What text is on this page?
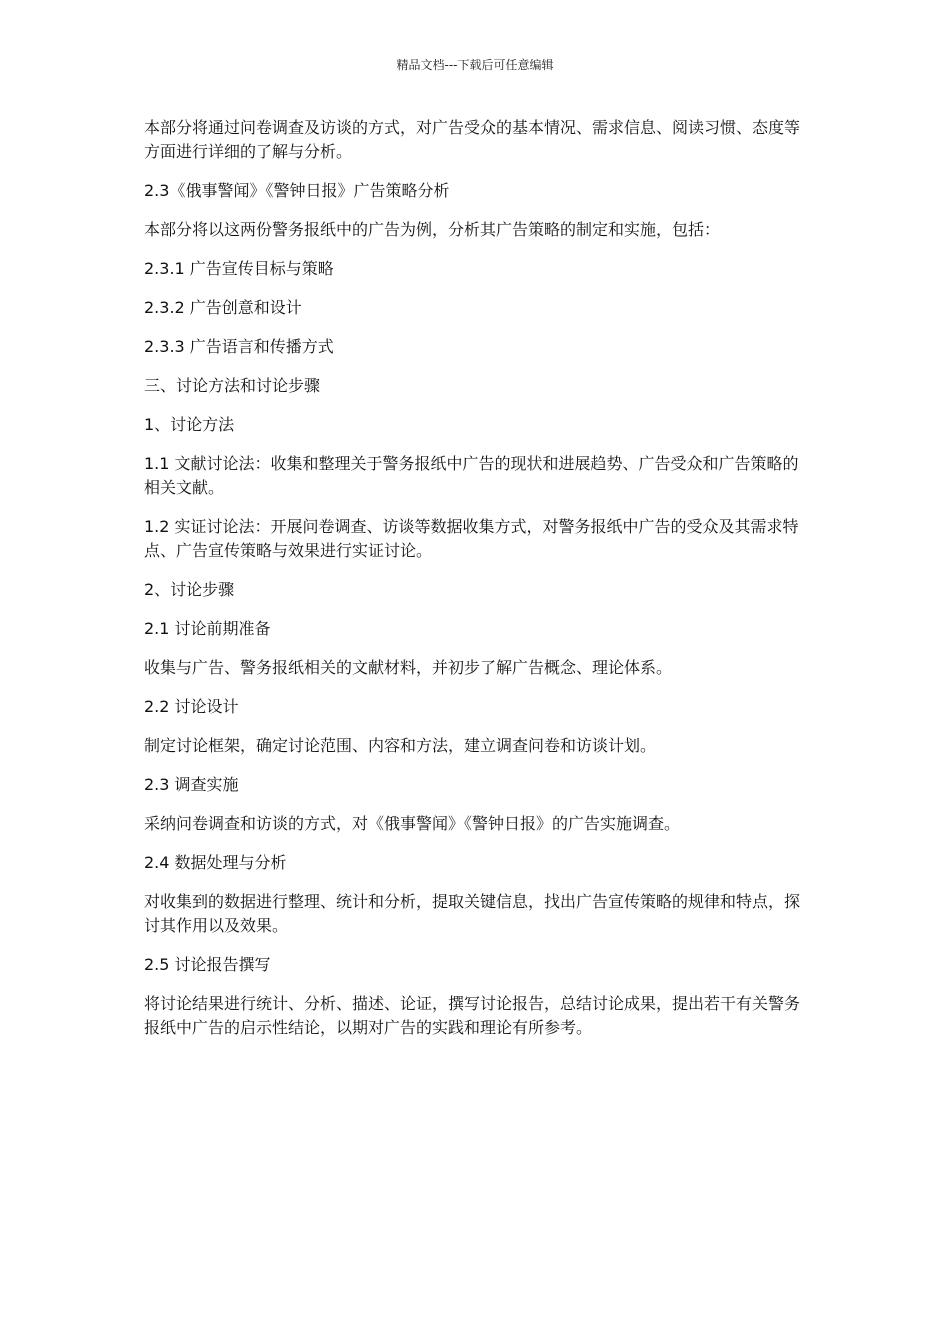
精品文档---下载后可任意编辑

本部分将通过问卷调查及访谈的方式，对广告受众的基本情况、需求信息、阅读习惯、态度等方面进行详细的了解与分析。

2.3《俄事警闻》《警钟日报》广告策略分析

本部分将以这两份警务报纸中的广告为例，分析其广告策略的制定和实施，包括：

2.3.1 广告宣传目标与策略

2.3.2 广告创意和设计

2.3.3 广告语言和传播方式

三、讨论方法和讨论步骤

1、讨论方法

1.1 文献讨论法：收集和整理关于警务报纸中广告的现状和进展趋势、广告受众和广告策略的相关文献。

1.2 实证讨论法：开展问卷调查、访谈等数据收集方式，对警务报纸中广告的受众及其需求特点、广告宣传策略与效果进行实证讨论。

2、讨论步骤

2.1 讨论前期准备

收集与广告、警务报纸相关的文献材料，并初步了解广告概念、理论体系。

2.2 讨论设计

制定讨论框架，确定讨论范围、内容和方法，建立调查问卷和访谈计划。

2.3 调查实施

采纳问卷调查和访谈的方式，对《俄事警闻》《警钟日报》的广告实施调查。

2.4 数据处理与分析

对收集到的数据进行整理、统计和分析，提取关键信息，找出广告宣传策略的规律和特点，探讨其作用以及效果。

2.5 讨论报告撰写

将讨论结果进行统计、分析、描述、论证，撰写讨论报告，总结讨论成果，提出若干有关警务报纸中广告的启示性结论，以期对广告的实践和理论有所参考。
